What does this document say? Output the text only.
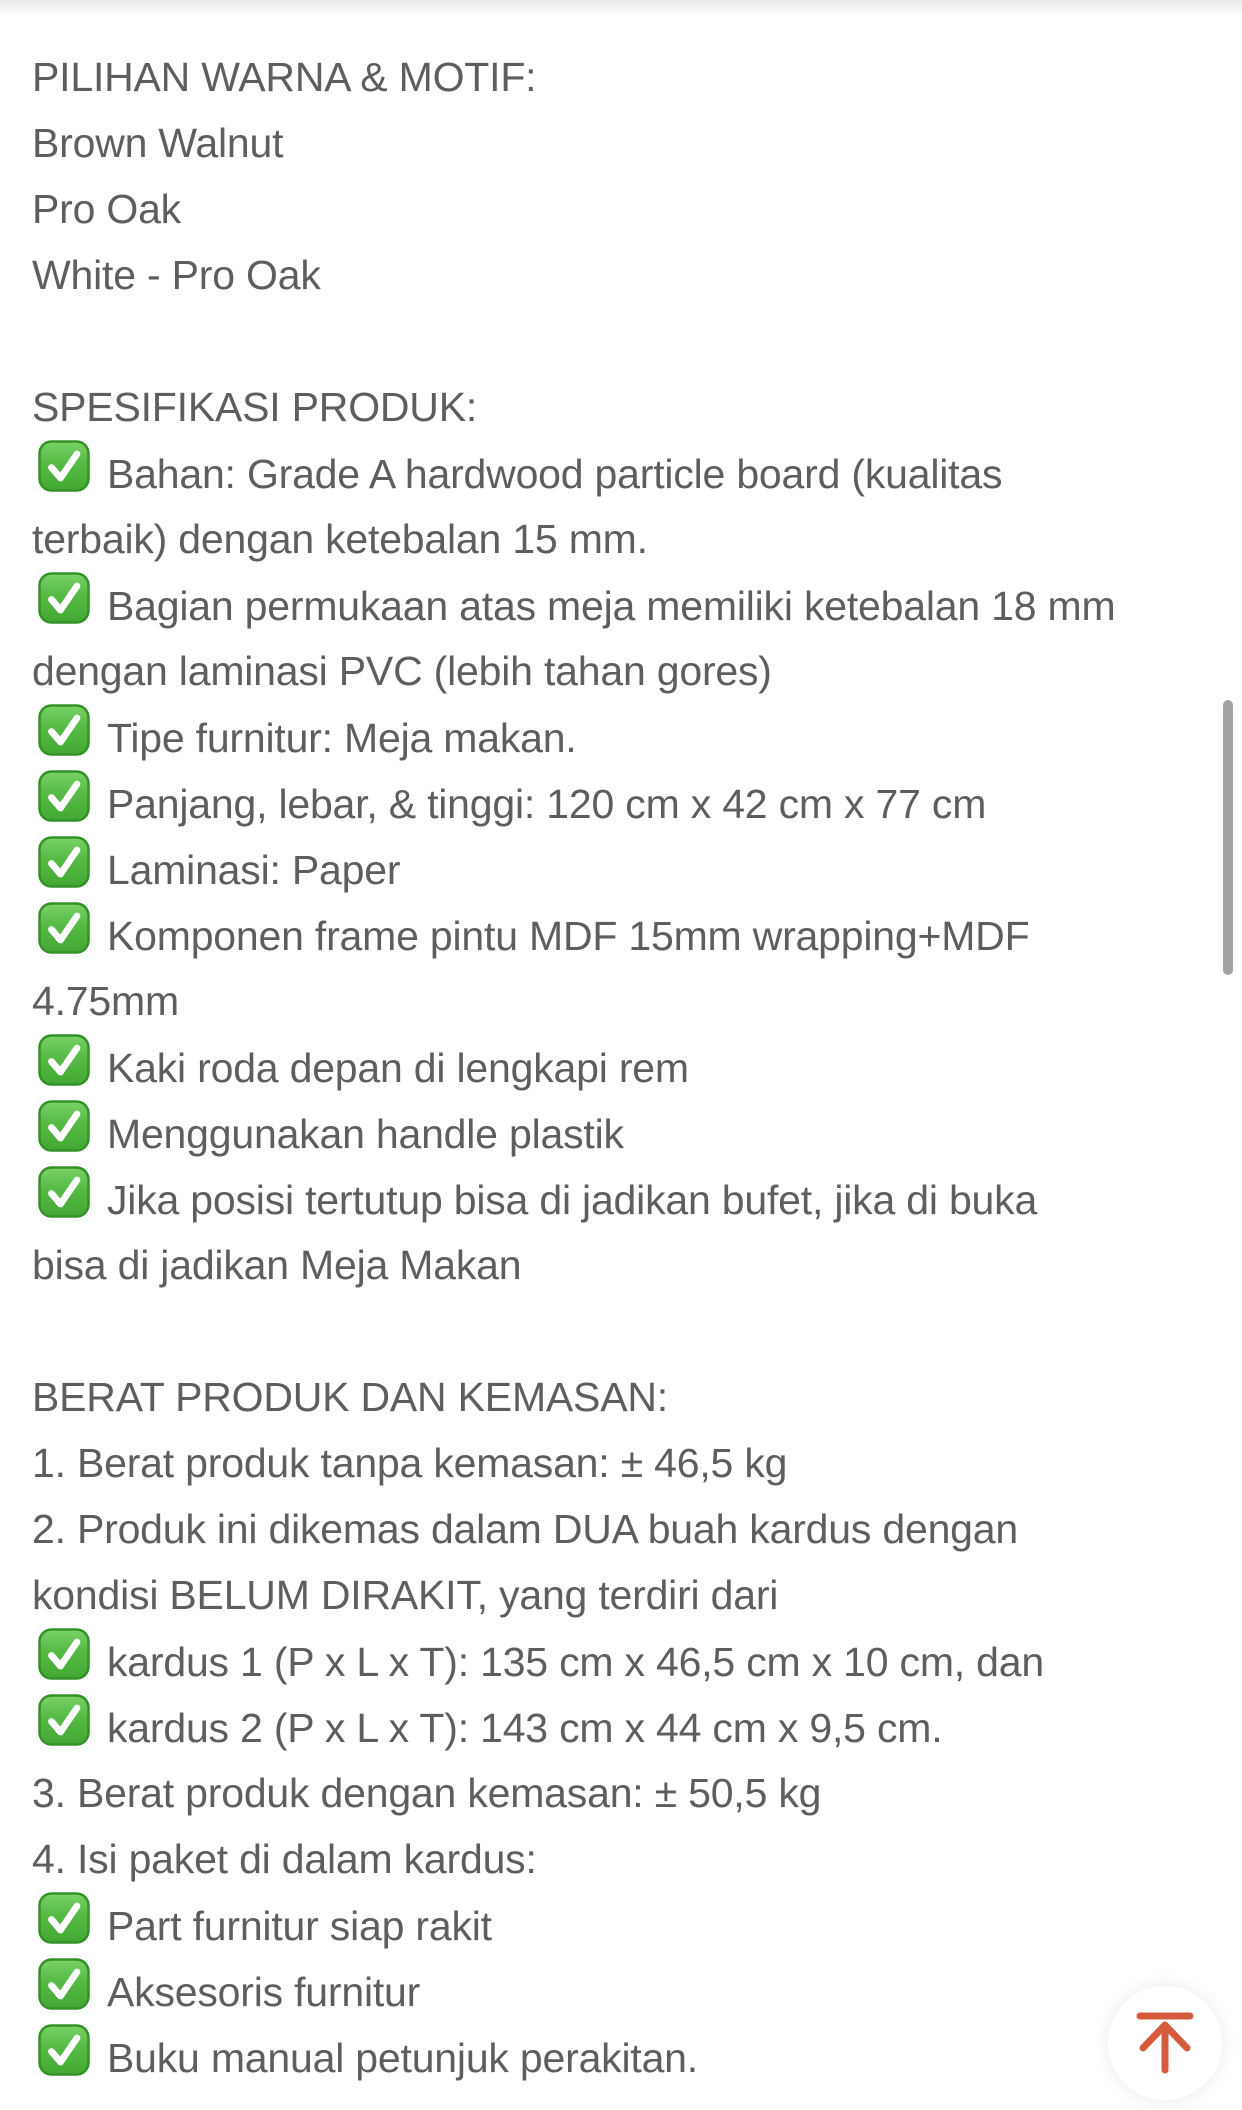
PILIHAN WARNA & MOTIF:
Brown Walnut
Pro Oak
White - Pro Oak
SPESIFIKASI PRODUK:
Bahan: Grade A hardwood particle board (kualitas
terbaik) dengan ketebalan 15 mm.
Bagian permukaan atas meja memiliki ketebalan 18 mm
dengan laminasi PVC (lebih tahan gores)
Tipe furnitur: Meja makan.
Panjang, lebar, & tinggi: 120 cm x 42 cm x 77 cm
Laminasi: Paper
Komponen frame pintu MDF 15mm wrapping+MDF
4.75mm
Kaki roda depan di lengkapi rem
Menggunakan handle plastik
Jika posisi tertutup bisa di jadikan bufet, jika di buka
bisa di jadikan Meja Makan
BERAT PRODUK DAN KEMASAN:
1. Berat produk tanpa kemasan: ± 46,5 kg
2. Produk ini dikemas dalam DUA buah kardus dengan
kondisi BELUM DIRAKIT, yang terdiri dari
kardus 1 (P x L x T): 135 cm x 46,5 cm x 10 cm, dan
kardus 2 (P x L x T): 143 cm x 44 cm x 9,5 cm.
3. Berat produk dengan kemasan: ± 50,5 kg
4. Isi paket di dalam kardus:
Part furnitur siap rakit
Aksesoris furnitur
Buku manual petunjuk perakitan.
